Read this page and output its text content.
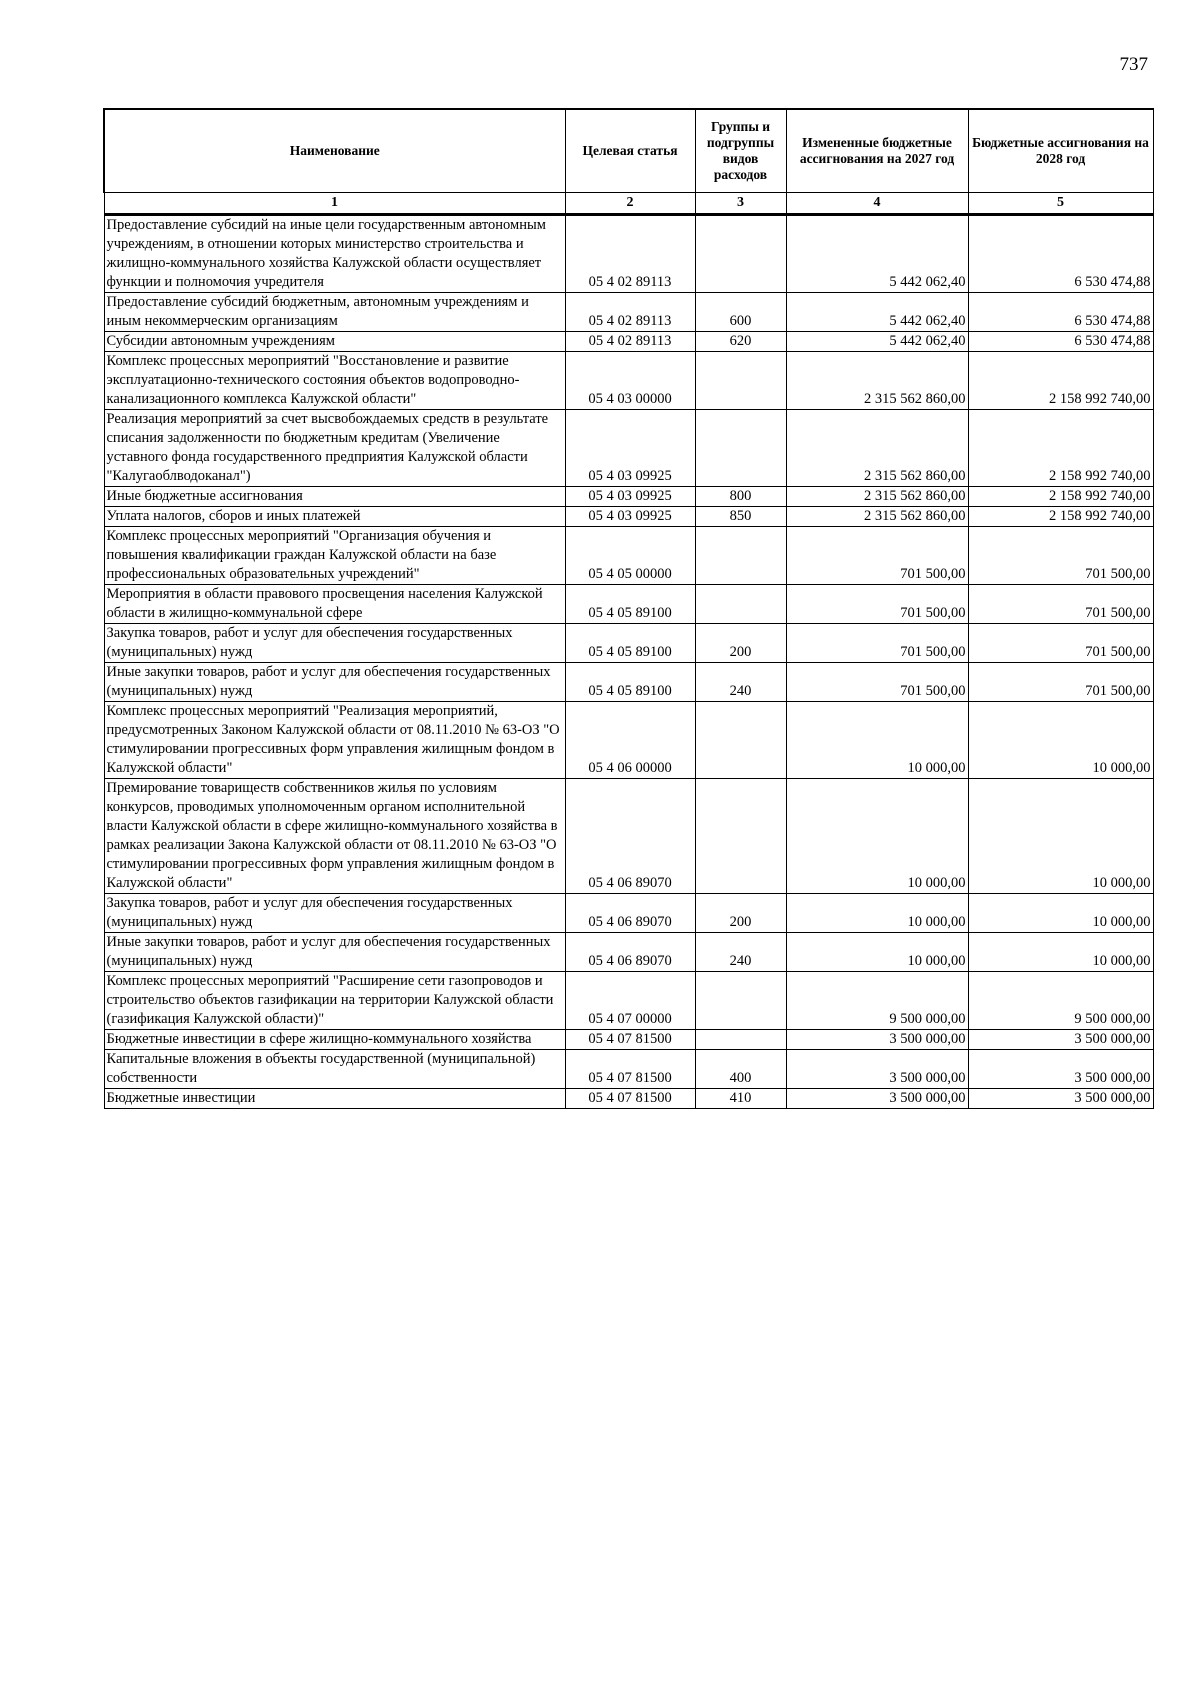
737
Наименование	Целевая статья	Группы и подгруппы видов расходов	Измененные бюджетные ассигнования на 2027 год	Бюджетные ассигнования на 2028 год
1	2	3	4	5
Предоставление субсидий на иные цели государственным автономным учреждениям, в отношении которых министерство строительства и жилищно-коммунального хозяйства Калужской области осуществляет функции и полномочия учредителя	05 4 02 89113		5 442 062,40	6 530 474,88
Предоставление субсидий бюджетным, автономным учреждениям и иным некоммерческим организациям	05 4 02 89113	600	5 442 062,40	6 530 474,88
Субсидии автономным учреждениям	05 4 02 89113	620	5 442 062,40	6 530 474,88
Комплекс процессных мероприятий "Восстановление и развитие эксплуатационно-технического состояния объектов водопроводно-канализационного комплекса Калужской области"	05 4 03 00000		2 315 562 860,00	2 158 992 740,00
Реализация мероприятий за счет высвобождаемых средств в результате списания задолженности по бюджетным кредитам (Увеличение уставного фонда государственного предприятия Калужской области "Калугаоблводоканал")	05 4 03 09925		2 315 562 860,00	2 158 992 740,00
Иные бюджетные ассигнования	05 4 03 09925	800	2 315 562 860,00	2 158 992 740,00
Уплата налогов, сборов и иных платежей	05 4 03 09925	850	2 315 562 860,00	2 158 992 740,00
Комплекс процессных мероприятий "Организация обучения и повышения квалификации граждан Калужской области на базе профессиональных образовательных учреждений"	05 4 05 00000		701 500,00	701 500,00
Мероприятия в области правового просвещения населения Калужской области в жилищно-коммунальной сфере	05 4 05 89100		701 500,00	701 500,00
Закупка товаров, работ и услуг для обеспечения государственных (муниципальных) нужд	05 4 05 89100	200	701 500,00	701 500,00
Иные закупки товаров, работ и услуг для обеспечения государственных (муниципальных) нужд	05 4 05 89100	240	701 500,00	701 500,00
Комплекс процессных мероприятий "Реализация мероприятий, предусмотренных Законом Калужской области от 08.11.2010 № 63-ОЗ "О стимулировании прогрессивных форм управления жилищным фондом в Калужской области"	05 4 06 00000		10 000,00	10 000,00
Премирование товариществ собственников жилья по условиям конкурсов, проводимых уполномоченным органом исполнительной власти Калужской области в сфере жилищно-коммунального хозяйства в рамках реализации Закона Калужской области от 08.11.2010 № 63-ОЗ "О стимулировании прогрессивных форм управления жилищным фондом в Калужской области"	05 4 06 89070		10 000,00	10 000,00
Закупка товаров, работ и услуг для обеспечения государственных (муниципальных) нужд	05 4 06 89070	200	10 000,00	10 000,00
Иные закупки товаров, работ и услуг для обеспечения государственных (муниципальных) нужд	05 4 06 89070	240	10 000,00	10 000,00
Комплекс процессных мероприятий "Расширение сети газопроводов и строительство объектов газификации на территории Калужской области (газификация Калужской области)"	05 4 07 00000		9 500 000,00	9 500 000,00
Бюджетные инвестиции в сфере жилищно-коммунального хозяйства	05 4 07 81500		3 500 000,00	3 500 000,00
Капитальные вложения в объекты государственной (муниципальной) собственности	05 4 07 81500	400	3 500 000,00	3 500 000,00
Бюджетные инвестиции	05 4 07 81500	410	3 500 000,00	3 500 000,00
